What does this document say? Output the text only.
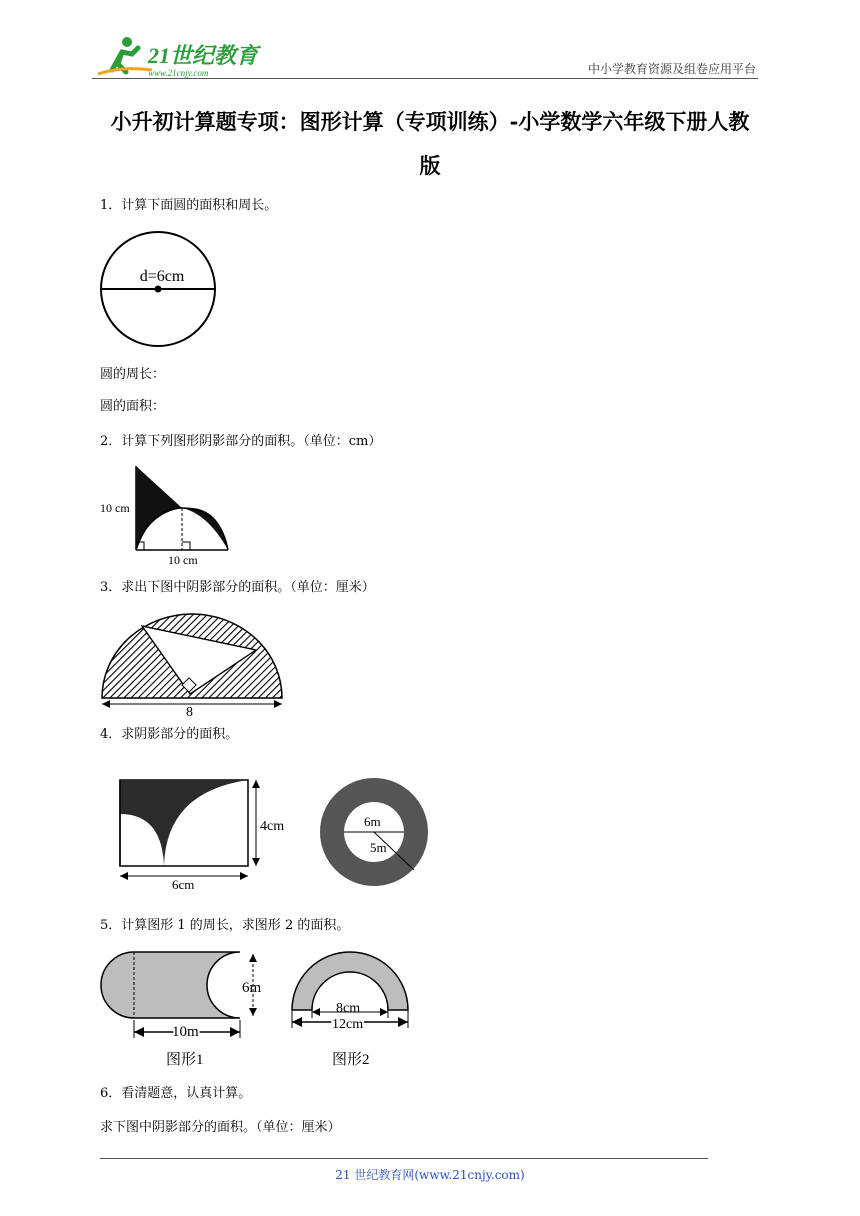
21世纪教育
www.21cnjy.com	中小学教育资源及组卷应用平台
小升初计算题专项：图形计算（专项训练）-小学数学六年级下册人教
版
1．计算下面圆的面积和周长。
d=6cm
圆的周长：
圆的面积：
2．计算下列图形阴影部分的面积。（单位：cm）
10 cm
10 cm
3．求出下图中阴影部分的面积。（单位：厘米）
8
4．求阴影部分的面积。
4cm
6cm
6m
5m
5．计算图形 1 的周长，求图形 2 的面积。
6m
10m
图形1
8cm
12cm
图形2
6．看清题意，认真计算。
求下图中阴影部分的面积。（单位：厘米）
21 世纪教育网(www.21cnjy.com)
